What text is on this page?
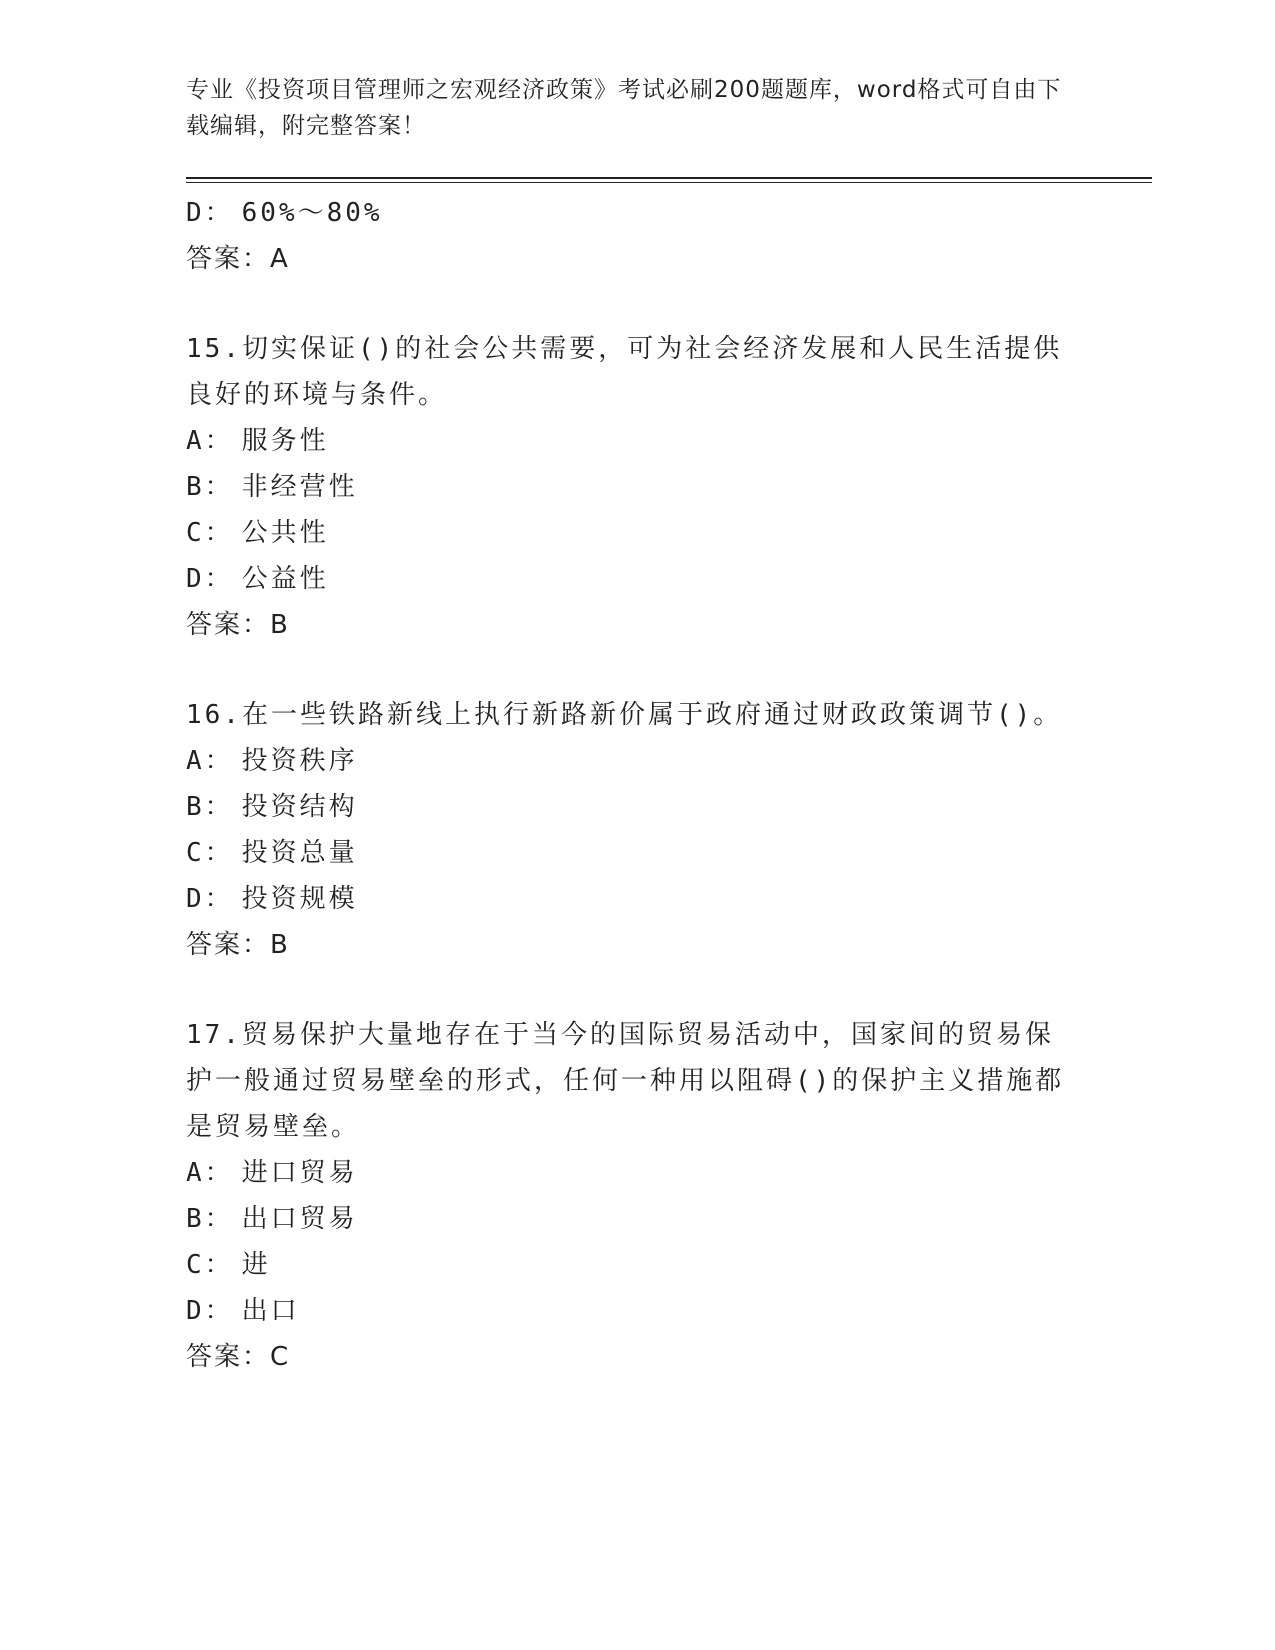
专业《投资项目管理师之宏观经济政策》考试必刷200题题库，word格式可自由下载编辑，附完整答案！
D： 60%～80%
答案：A
15.切实保证()的社会公共需要，可为社会经济发展和人民生活提供良好的环境与条件。
A： 服务性
B： 非经营性
C： 公共性
D： 公益性
答案：B
16.在一些铁路新线上执行新路新价属于政府通过财政政策调节()。
A： 投资秩序
B： 投资结构
C： 投资总量
D： 投资规模
答案：B
17.贸易保护大量地存在于当今的国际贸易活动中，国家间的贸易保护一般通过贸易壁垒的形式，任何一种用以阻碍()的保护主义措施都是贸易壁垒。
A： 进口贸易
B： 出口贸易
C： 进
D： 出口
答案：C
